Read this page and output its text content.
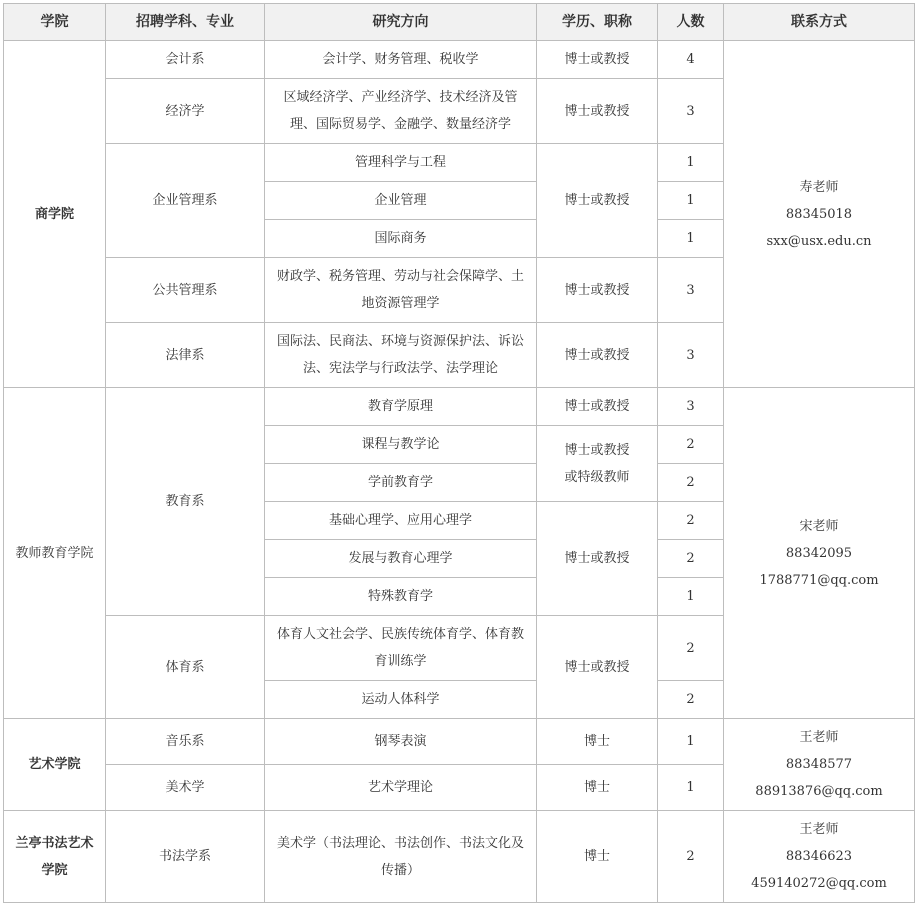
学院	招聘学科、专业	研究方向	学历、职称	人数	联系方式
商学院	会计系	会计学、财务管理、税收学	博士或教授	4	寿老师
88345018
sxx@usx.edu.cn

	经济学	区域经济学、产业经济学、技术经济及管理、国际贸易学、金融学、数量经济学	博士或教授	3	
	企业管理系	管理科学与工程	博士或教授	1	
		企业管理		1	
		国际商务		1	
	公共管理系	财政学、税务管理、劳动与社会保障学、土地资源管理学	博士或教授	3	
	法律系	国际法、民商法、环境与资源保护法、诉讼法、宪法学与行政法学、法学理论	博士或教授	3	
教师教育学院	教育系	教育学原理	博士或教授	3	宋老师
88342095
1788771@qq.com

		课程与教学论	博士或教授或特级教师	2	
		学前教育学		2	
		基础心理学、应用心理学	博士或教授	2	
		发展与教育心理学		2	
		特殊教育学		1	
	体育系	体育人文社会学、民族传统体育学、体育教育训练学	博士或教授	2	
		运动人体科学		2	
艺术学院	音乐系	钢琴表演	博士	1	王老师
88348577
88913876@qq.com

	美术学	艺术学理论	博士	1	
兰亭书法艺术学院	书法学系	美术学（书法理论、书法创作、书法文化及传播）	博士	2	王老师
88346623
459140272@qq.com
